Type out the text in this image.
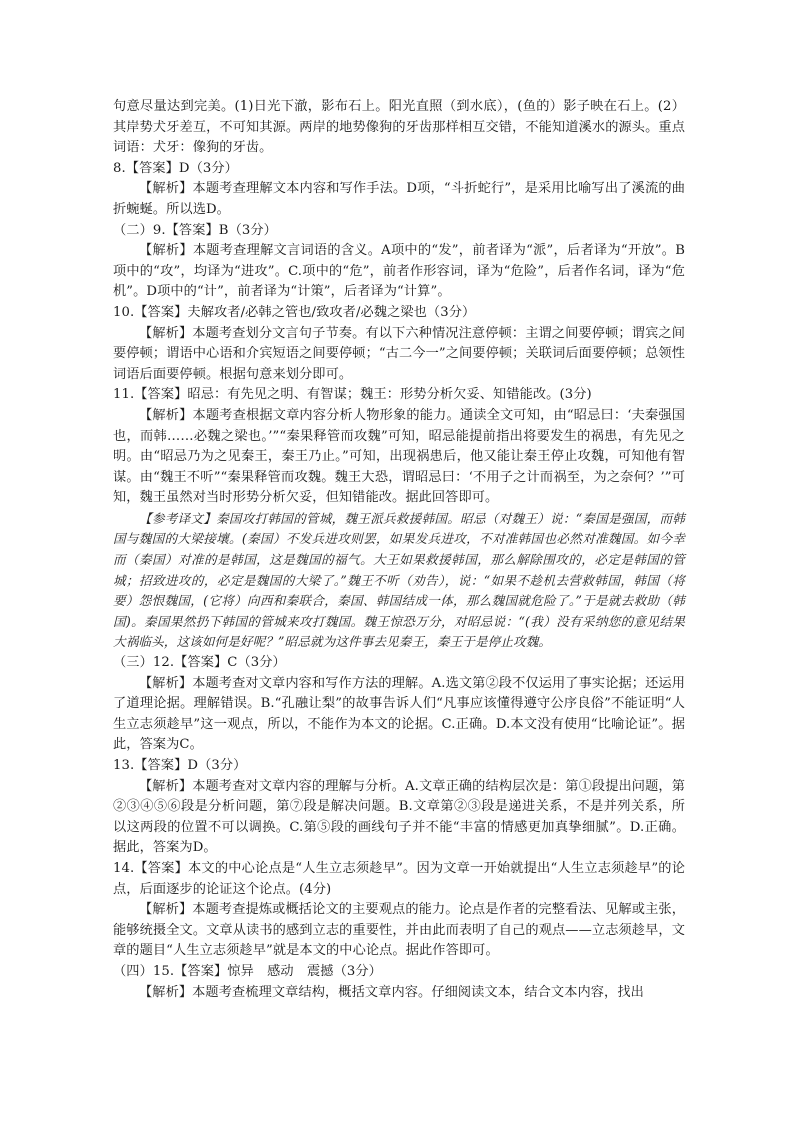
句意尽量达到完美。(1)日光下澈，影布石上。阳光直照（到水底），(鱼的）影子映在石上。(2）其岸势犬牙差互，不可知其源。两岸的地势像狗的牙齿那样相互交错，不能知道溪水的源头。重点词语：犬牙：像狗的牙齿。

8.【答案】D（3分）

【解析】本题考查理解文本内容和写作手法。D项，“斗折蛇行”，是采用比喻写出了溪流的曲折蜿蜒。所以选D。

（二）9.【答案】B（3分）

【解析】本题考查理解文言词语的含义。A项中的“发”，前者译为“派”，后者译为“开放”。B项中的“攻”，均译为“进攻”。C.项中的“危”，前者作形容词，译为“危险”，后者作名词，译为“危机”。D项中的“计”，前者译为“计策”，后者译为“计算”。

10.【答案】夫解攻者/必韩之管也/致攻者/必魏之梁也（3分）

【解析】本题考查划分文言句子节奏。有以下六种情况注意停顿：主谓之间要停顿；谓宾之间要停顿；谓语中心语和介宾短语之间要停顿；“古二今一”之间要停顿；关联词后面要停顿；总领性词语后面要停顿。根据句意来划分即可。

11.【答案】昭忌：有先见之明、有智谋；魏王：形势分析欠妥、知错能改。(3分)

【解析】本题考查根据文章内容分析人物形象的能力。通读全文可知，由“昭忌曰：‘夫秦强国也，而韩……必魏之梁也。’”“秦果释管而攻魏”可知，昭忌能提前指出将要发生的祸患，有先见之明。由“昭忌乃为之见秦王，秦王乃止。”可知，出现祸患后，他又能让秦王停止攻魏，可知他有智谋。由“魏王不听”“秦果释管而攻魏。魏王大恐，谓昭忌曰：‘不用子之计而祸至，为之奈何？’”可知，魏王虽然对当时形势分析欠妥，但知错能改。据此回答即可。

【参考译文】秦国攻打韩国的管城，魏王派兵救援韩国。昭忌（对魏王）说：“秦国是强国，而韩国与魏国的大梁接壤。(秦国）不发兵进攻则罢，如果发兵进攻，不对准韩国也必然对准魏国。如今幸而（秦国）对准的是韩国，这是魏国的福气。大王如果救援韩国，那么解除围攻的，必定是韩国的管城；招致进攻的，必定是魏国的大梁了。”魏王不听（劝告），说：“如果不趁机去营救韩国，韩国（将要）怨恨魏国，(它将）向西和秦联合，秦国、韩国结成一体，那么魏国就危险了。”于是就去救助（韩国)。秦国果然扔下韩国的管城来攻打魏国。魏王惊恐万分，对昭忌说：“(我）没有采纳您的意见结果大祸临头，这该如何是好呢？”昭忌就为这件事去见秦王，秦王于是停止攻魏。

（三）12.【答案】C（3分）

【解析】本题考查对文章内容和写作方法的理解。A.选文第②段不仅运用了事实论据；还运用了道理论据。理解错误。B.“孔融让梨”的故事告诉人们“凡事应该懂得遵守公序良俗”不能证明“人生立志须趁早”这一观点，所以，不能作为本文的论据。C.正确。D.本文没有使用“比喻论证”。据此，答案为C。

13.【答案】D（3分）

【解析】本题考查对文章内容的理解与分析。A.文章正确的结构层次是：第①段提出问题，第②③④⑤⑥段是分析问题，第⑦段是解决问题。B.文章第②③段是递进关系，不是并列关系，所以这两段的位置不可以调换。C.第⑤段的画线句子并不能“丰富的情感更加真挚细腻”。D.正确。据此，答案为D。

14.【答案】本文的中心论点是“人生立志须趁早”。因为文章一开始就提出“人生立志须趁早”的论点，后面逐步的论证这个论点。(4分)

【解析】本题考查提炼或概括论文的主要观点的能力。论点是作者的完整看法、见解或主张，能够统摄全文。文章从读书的感到立志的重要性，并由此而表明了自己的观点——立志须趁早，文章的题目“人生立志须趁早”就是本文的中心论点。据此作答即可。

（四）15.【答案】惊异　感动　震撼（3分）

【解析】本题考查梳理文章结构，概括文章内容。仔细阅读文本，结合文本内容，找出
